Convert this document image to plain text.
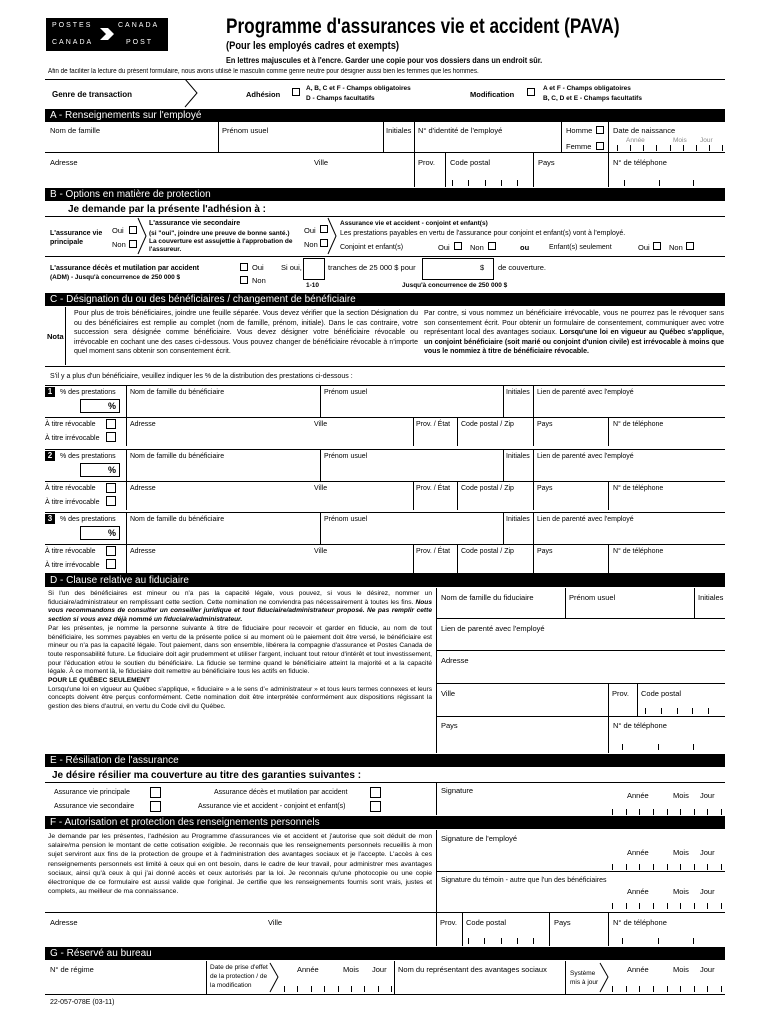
POSTES	CANADA
CANADA	POST
Programme d'assurances vie et accident (PAVA)
(Pour les employés cadres et exempts)
En lettres majuscules et à l'encre. Garder une copie pour vos dossiers dans un endroit sûr.
Afin de faciliter la lecture du présent formulaire, nous avons utilisé le masculin comme genre neutre pour désigner aussi bien les femmes que les hommes.
Genre de transaction	Adhésion
A, B, C et F - Champs obligatoires
D - Champs facultatifs	Modification
A et F - Champs obligatoires
B, C, D et E - Champs facultatifs
A - Renseignements sur l'employé
Nom de famille	Prénom usuel	Initiales N° d'identité de l'employé	Homme
Femme
Date de naissance
Année	Mois Jour
Adresse	Ville	Prov. Code postal	Pays	N° de téléphone
B - Options en matière de protection
Je demande par la présente l'adhésion à :
L'assurance vie principale
Oui
Non
L'assurance vie secondaire
(si "oui", joindre une preuve de bonne santé.)
La couverture est assujettie à l'approbation de
l'assureur.
Oui
Non
Assurance vie et accident - conjoint et enfant(s)
Les prestations payables en vertu de l'assurance pour conjoint et enfant(s) vont à l'employé.
Conjoint et enfant(s)	Oui	Non	ou	Enfant(s) seulement	Oui	Non
L'assurance décès et mutilation par accident
(ADM) - Jusqu'à concurrence de 250 000 $
Oui
Non
Si oui,
1-10
tranches de 25 000 $ pour	$ de couverture.
Jusqu'à concurrence de 250 000 $
C - Désignation du ou des bénéficiaires / changement de bénéficiaire
Nota
Pour plus de trois bénéficiaires, joindre une feuille séparée. Vous devez vérifier que la section Désignation du ou des bénéficiaires est remplie au complet (nom de famille, prénom, initiale). Dans le cas contraire, votre succession sera désignée comme bénéficiaire. Vous devez désigner votre bénéficiaire révocable ou irrévocable en cochant une des cases ci-dessous. Vous pouvez changer de bénéficiaire révocable à n'importe quel moment sans obtenir son consentement écrit.
Par contre, si vous nommez un bénéficiaire irrévocable, vous ne pourrez pas le révoquer sans son consentement écrit. Pour obtenir un formulaire de consentement, communiquer avec votre représentant local des avantages sociaux. Lorsqu'une loi en vigueur au Québec s'applique, un conjoint bénéficiaire (soit marié ou conjoint d'union civile) est irrévocable à moins que vous le nommiez à titre de bénéficiaire révocable.
S'il y a plus d'un bénéficiaire, veuillez indiquer les % de la distribution des prestations ci-dessous :
1	% des prestations
%
Nom de famille du bénéficiaire	Prénom usuel	Initiales Lien de parenté avec l'employé
À titre révocable
À titre irrévocable
Adresse	Ville	Prov. / État Code postal / Zip	Pays	N° de téléphone
2	% des prestations
%
Nom de famille du bénéficiaire	Prénom usuel	Initiales Lien de parenté avec l'employé
À titre révocable
À titre irrévocable
Adresse	Ville	Prov. / État Code postal / Zip	Pays	N° de téléphone
3	% des prestations
%
Nom de famille du bénéficiaire	Prénom usuel	Initiales Lien de parenté avec l'employé
À titre révocable
À titre irrévocable
Adresse	Ville	Prov. / État Code postal / Zip	Pays	N° de téléphone
D - Clause relative au fiduciaire

Si l'un des bénéficiaires est mineur ou n'a pas la capacité légale, vous pouvez, si vous le désirez, nommer un fiduciaire/administrateur en remplissant cette section. Cette nomination ne conviendra pas nécessairement à toutes les fins. Nous vous recommandons de consulter un conseiller juridique et tout fiduciaire/administrateur proposé. Ne pas remplir cette section si vous avez déjà nommé un fiduciaire/administrateur.

Par les présentes, je nomme la personne suivante à titre de fiduciaire pour recevoir et garder en fiducie, au nom de tout bénéficiaire, les sommes payables en vertu de la présente police si au moment où le paiement doit être versé, le bénéficiaire est mineur ou n'a pas la capacité légale. Tout paiement, dans son ensemble, libérera la compagnie d'assurance et Postes Canada de toute responsabilité future. Le fiduciaire doit agir prudemment et utiliser l'argent, incluant tout retour d'intérêt et tout investissement, pour l'éducation et/ou le soutien du bénéficiaire. La fiducie se termine quand le bénéficiaire atteint la majorité et a la capacité légale. À ce moment là, le fiduciaire doit remettre au bénéficiaire tous les actifs en fiducie.

POUR LE QUÉBEC SEULEMENT

Lorsqu'une loi en vigueur au Québec s'applique, « fiduciaire » a le sens d'« administrateur » et tous leurs termes connexes et leurs concepts doivent être perçus conformément. Cette nomination doit être interprétée conformément aux dispositions régissant la gestion des biens d'autrui, en vertu du Code civil du Québec.

Nom de famille du fiduciaire	Prénom usuel	Initiales
Lien de parenté avec l'employé
Adresse
Ville	Prov. Code postal
Pays	N° de téléphone
E - Résiliation de l'assurance
Je désire résilier ma couverture au titre des garanties suivantes :
Assurance vie principale	Assurance décès et mutilation par accident
Assurance vie secondaire	Assurance vie et accident - conjoint et enfant(s)
Signature
Année	Mois Jour
F - Autorisation et protection des renseignements personnels
Je demande par les présentes, l'adhésion au Programme d'assurances vie et accident et j'autorise que soit déduit de mon salaire/ma pension le montant de cette cotisation exigible. Je reconnais que les renseignements personnels recueillis à mon sujet serviront aux fins de la protection de groupe et à l'administration des avantages sociaux et je l'accepte. L'accès à ces renseignements personnels est limité à ceux qui en ont besoin, dans le cadre de leur travail, pour administrer mes avantages sociaux, ainsi qu'à ceux à qui j'ai donné accès et ceux autorisés par la loi. Je reconnais qu'une photocopie ou une copie électronique de ce formulaire est aussi valide que l'original. Je certifie que les renseignements fournis sont vrais, justes et complets, au meilleur de ma connaissance.
Signature de l'employé
Année	Mois Jour
Signature du témoin - autre que l'un des bénéficiaires
Année	Mois Jour
Adresse	Ville	Prov. Code postal	Pays	N° de téléphone
G - Réservé au bureau
N° de régime	Date de prise d'effet
de la protection / de
la modification
Année	Mois Jour Nom du représentant des avantages sociaux	Système
mis à jour
Année	Mois Jour
22-057-078E (03-11)
